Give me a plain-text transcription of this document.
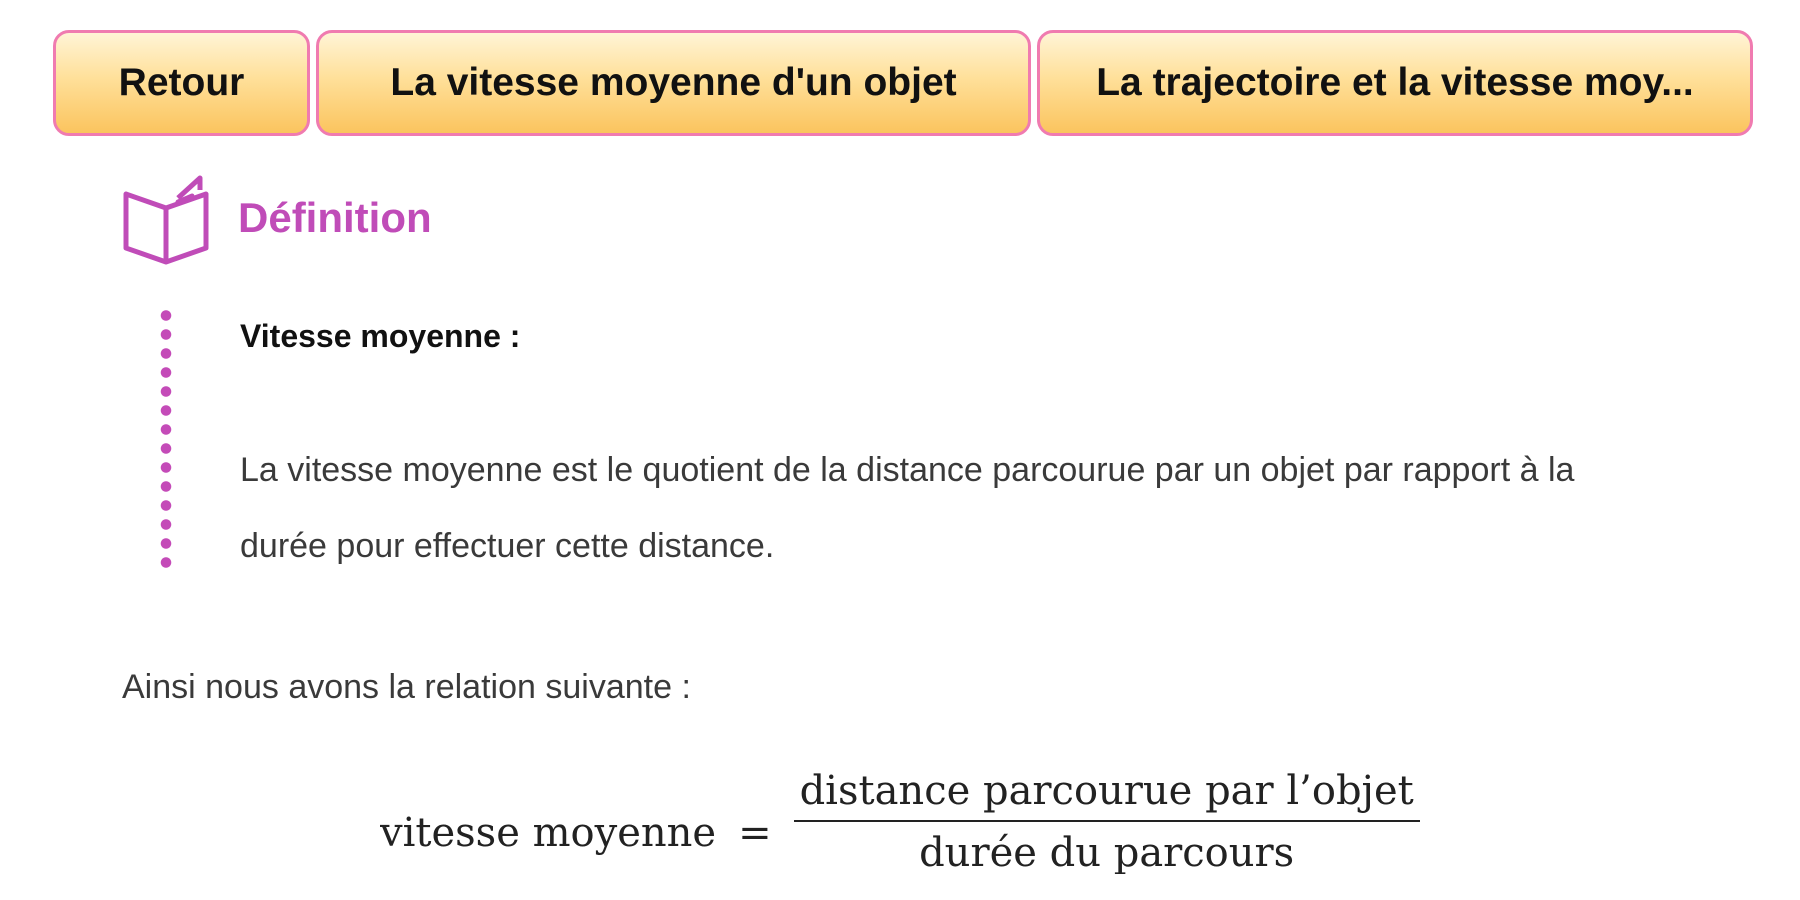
Retour	La vitesse moyenne d'un objet	La trajectoire et la vitesse moy...
Définition
Vitesse moyenne :
La vitesse moyenne est le quotient de la distance parcourue par un objet par rapport à la durée pour effectuer cette distance.
Ainsi nous avons la relation suivante :
vitesse moyenne = $\frac{\text{distance parcourue par l’objet}}{\text{durée du parcours}}$
